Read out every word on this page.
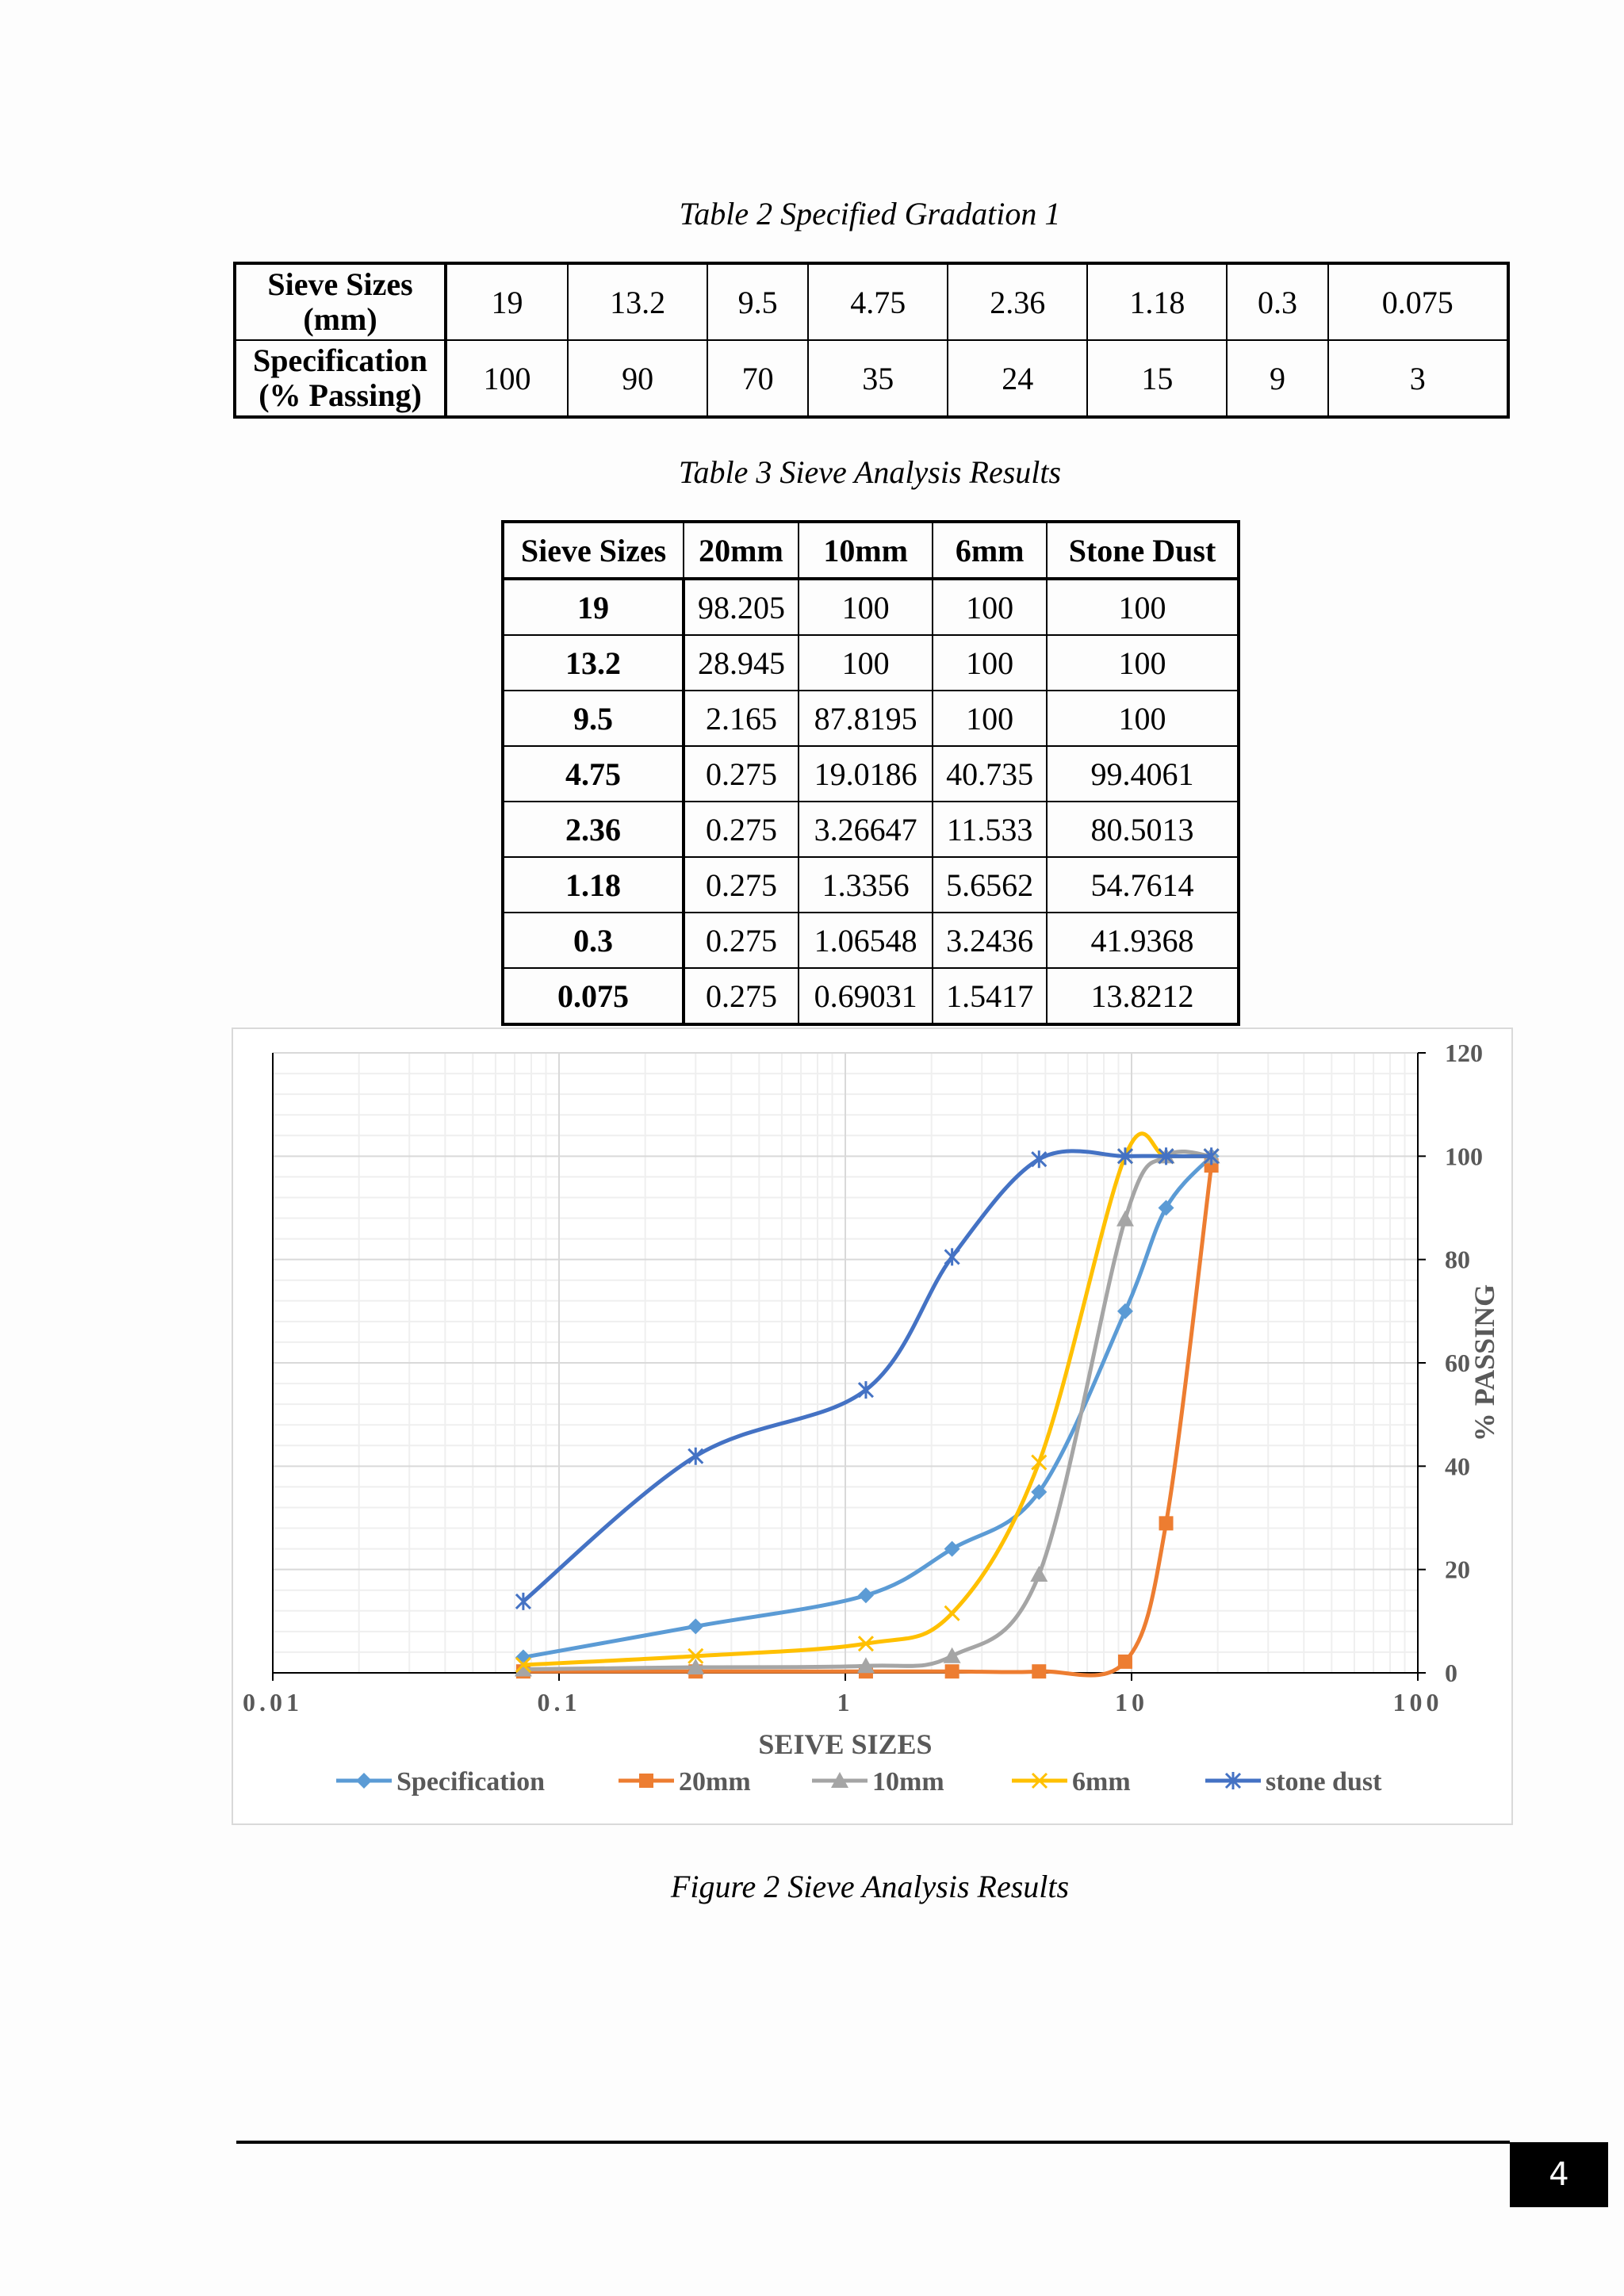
Table 2 Specified Gradation 1
Sieve Sizes
(mm)	19	13.2	9.5	4.75	2.36	1.18	0.3	0.075
Specification
(% Passing)	100	90	70	35	24	15	9	3
Table 3 Sieve Analysis Results
Sieve Sizes	20mm	10mm	6mm	Stone Dust
19	98.205	100	100	100
13.2	28.945	100	100	100
9.5	2.165	87.8195	100	100
4.75	0.275	19.0186	40.735	99.4061
2.36	0.275	3.26647	11.533	80.5013
1.18	0.275	1.3356	5.6562	54.7614
0.3	0.275	1.06548	3.2436	41.9368
0.075	0.275	0.69031	1.5417	13.8212
0.01	0.1	1	10	100
0
20
40
60
80
100
120
SEIVE SIZES
% PASSING
Specification	20mm	10mm	6mm	stone dust
Figure 2 Sieve Analysis Results
4
